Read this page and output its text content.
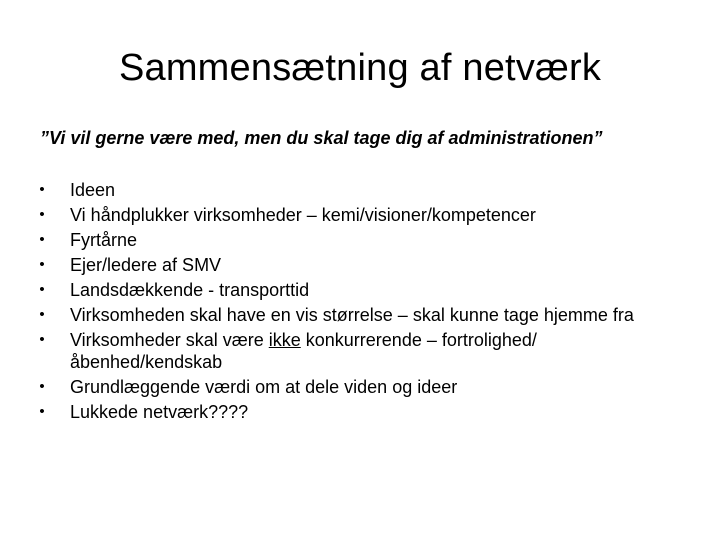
Sammensætning af netværk
”Vi vil gerne være med, men du skal tage dig af administrationen”
• Ideen
• Vi håndplukker virksomheder – kemi/visioner/kompetencer
• Fyrtårne
• Ejer/ledere af SMV
• Landsdækkende - transporttid
• Virksomheden skal have en vis størrelse – skal kunne tage hjemme fra
• Virksomheder skal være ikke konkurrerende – fortrolighed/åbenhed/kendskab
• Grundlæggende værdi om at dele viden og ideer
• Lukkede netværk????
